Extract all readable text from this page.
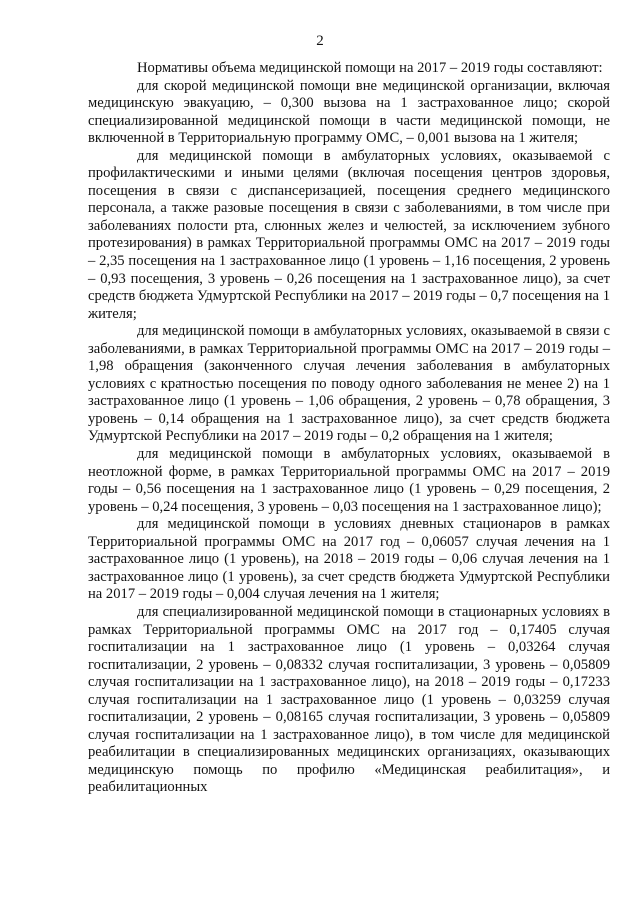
2

Нормативы объема медицинской помощи на 2017 – 2019 годы составляют:

для скорой медицинской помощи вне медицинской организации, включая медицинскую эвакуацию, – 0,300 вызова на 1 застрахованное лицо; скорой специализированной медицинской помощи в части медицинской помощи, не включенной в Территориальную программу ОМС, – 0,001 вызова на 1 жителя;

для медицинской помощи в амбулаторных условиях, оказываемой с профилактическими и иными целями (включая посещения центров здоровья, посещения в связи с диспансеризацией, посещения среднего медицинского персонала, а также разовые посещения в связи с заболеваниями, в том числе при заболеваниях полости рта, слюнных желез и челюстей, за исключением зубного протезирования) в рамках Территориальной программы ОМС на 2017 – 2019 годы – 2,35 посещения на 1 застрахованное лицо (1 уровень – 1,16 посещения, 2 уровень – 0,93 посещения, 3 уровень – 0,26 посещения на 1 застрахованное лицо), за счет средств бюджета Удмуртской Республики на 2017 – 2019 годы – 0,7 посещения на 1 жителя;

для медицинской помощи в амбулаторных условиях, оказываемой в связи с заболеваниями, в рамках Территориальной программы ОМС на 2017 – 2019 годы – 1,98 обращения (законченного случая лечения заболевания в амбулаторных условиях с кратностью посещения по поводу одного заболевания не менее 2) на 1 застрахованное лицо (1 уровень – 1,06 обращения, 2 уровень – 0,78 обращения, 3 уровень – 0,14 обращения на 1 застрахованное лицо), за счет средств бюджета Удмуртской Республики на 2017 – 2019 годы – 0,2 обращения на 1 жителя;

для медицинской помощи в амбулаторных условиях, оказываемой в неотложной форме, в рамках Территориальной программы ОМС на 2017 – 2019 годы – 0,56 посещения на 1 застрахованное лицо (1 уровень – 0,29 посещения, 2 уровень – 0,24 посещения, 3 уровень – 0,03 посещения на 1 застрахованное лицо);

для медицинской помощи в условиях дневных стационаров в рамках Территориальной программы ОМС на 2017 год – 0,06057 случая лечения на 1 застрахованное лицо (1 уровень), на 2018 – 2019 годы – 0,06 случая лечения на 1 застрахованное лицо (1 уровень), за счет средств бюджета Удмуртской Республики на 2017 – 2019 годы – 0,004 случая лечения на 1 жителя;

для специализированной медицинской помощи в стационарных условиях в рамках Территориальной программы ОМС на 2017 год – 0,17405 случая госпитализации на 1 застрахованное лицо (1 уровень – 0,03264 случая госпитализации, 2 уровень – 0,08332 случая госпитализации, 3 уровень – 0,05809 случая госпитализации на 1 застрахованное лицо), на 2018 – 2019 годы – 0,17233 случая госпитализации на 1 застрахованное лицо (1 уровень – 0,03259 случая госпитализации, 2 уровень – 0,08165 случая госпитализации, 3 уровень – 0,05809 случая госпитализации на 1 застрахованное лицо), в том числе для медицинской реабилитации в специализированных медицинских организациях, оказывающих медицинскую помощь по профилю «Медицинская реабилитация», и реабилитационных
